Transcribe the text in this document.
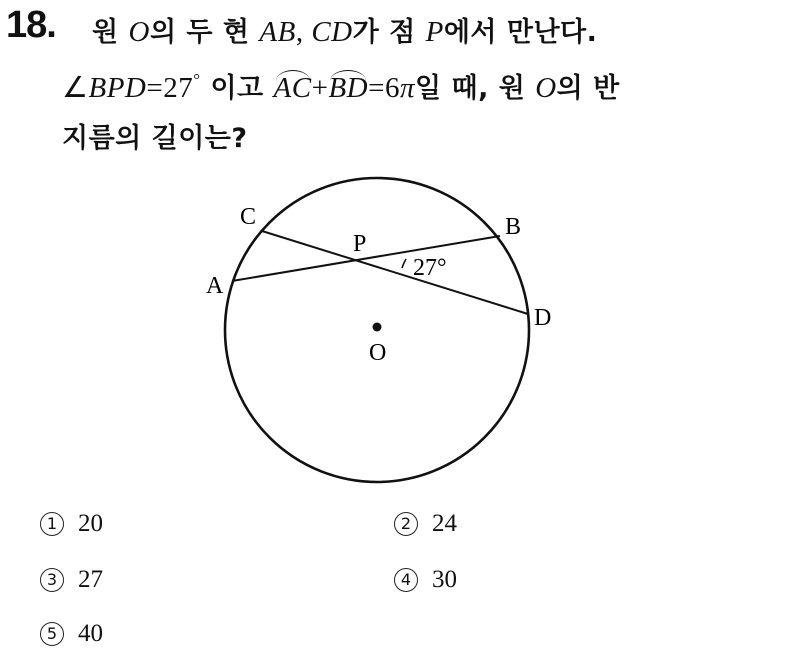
18. 원 O의 두 현 AB, CD가 점 P에서 만난다.
∠BPD=27° 이고 AC+BD=6π일 때, 원 O의 반
지름의 길이는?
C	B
P
A
D
O
27°
1 20	2 24
3 27	4 30
5 40
